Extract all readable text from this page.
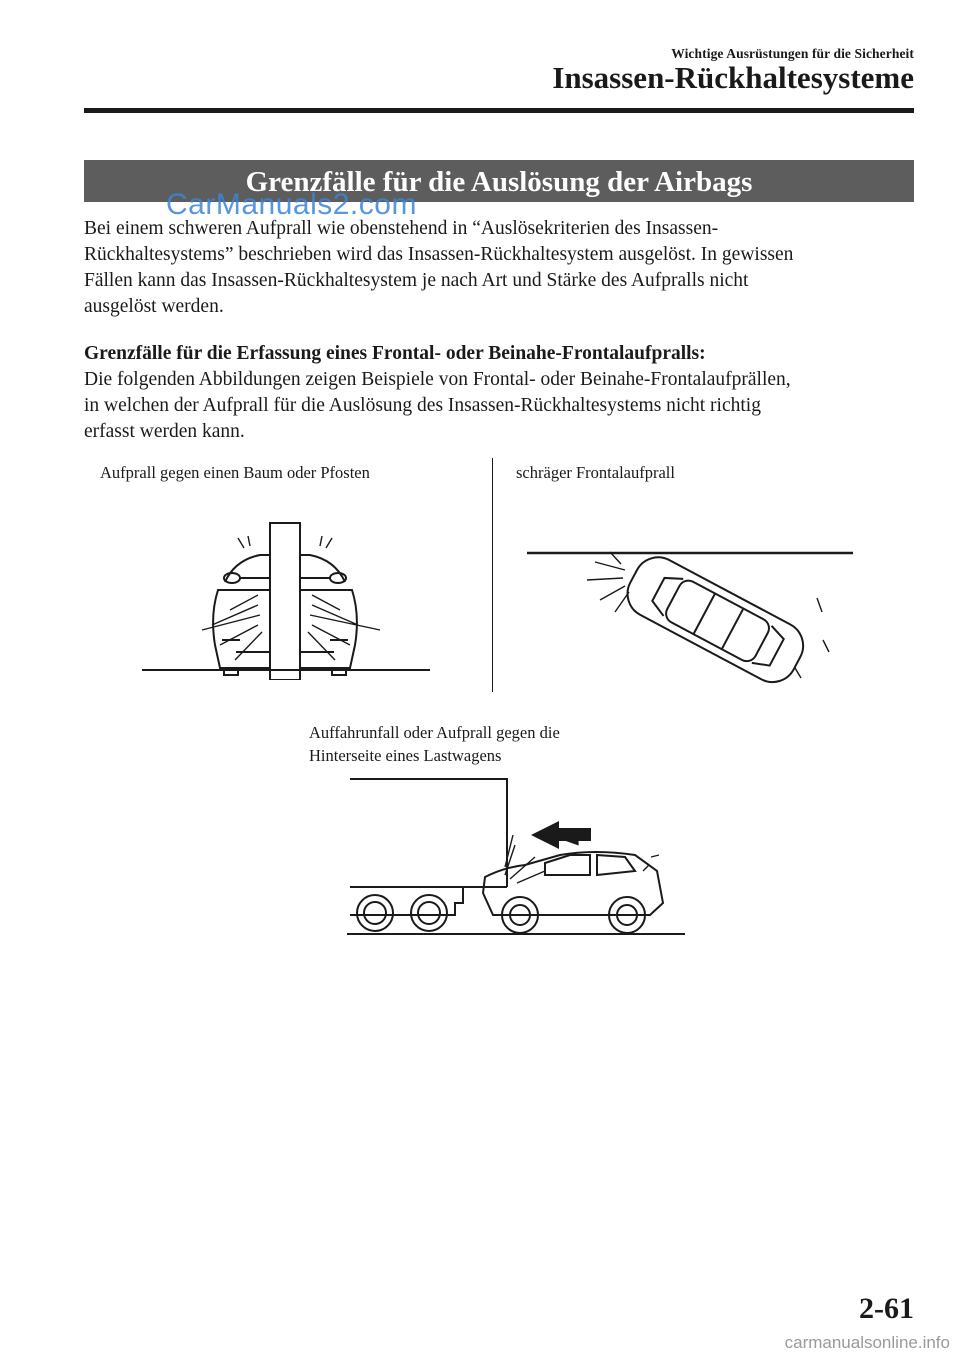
Wichtige Ausrüstungen für die Sicherheit
Insassen-Rückhaltesysteme
Grenzfälle für die Auslösung der Airbags
CarManuals2.com
Bei einem schweren Aufprall wie obenstehend in “Auslösekriterien des Insassen-
Rückhaltesystems” beschrieben wird das Insassen-Rückhaltesystem ausgelöst. In gewissen
Fällen kann das Insassen-Rückhaltesystem je nach Art und Stärke des Aufpralls nicht
ausgelöst werden.
Grenzfälle für die Erfassung eines Frontal- oder Beinahe-Frontalaufpralls:
Die folgenden Abbildungen zeigen Beispiele von Frontal- oder Beinahe-Frontalaufprällen,
in welchen der Aufprall für die Auslösung des Insassen-Rückhaltesystems nicht richtig
erfasst werden kann.
Aufprall gegen einen Baum oder Pfosten	schräger Frontalaufprall
Auffahrunfall oder Aufprall gegen die
Hinterseite eines Lastwagens
2-61
carmanualsonline.info
